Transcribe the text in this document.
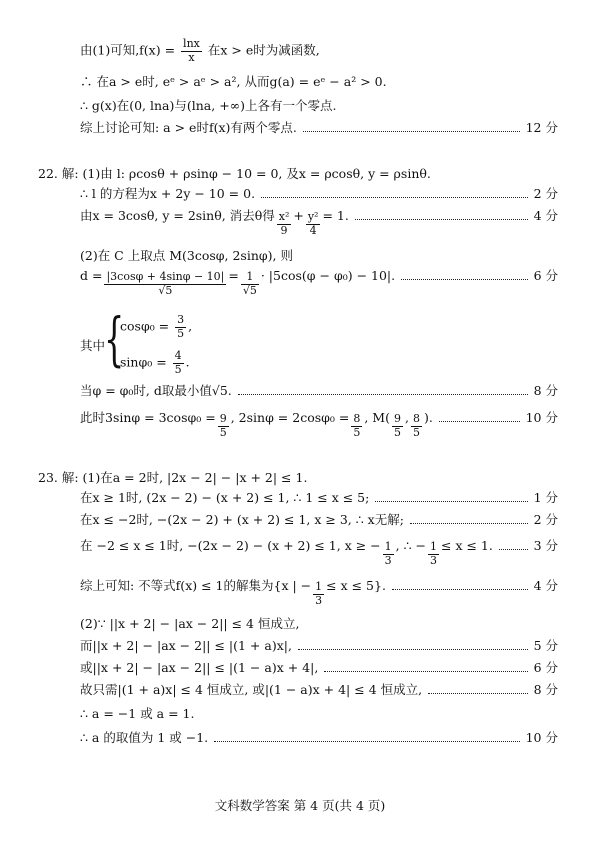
由(1)可知$,f(x) = \frac{\ln x}{x}$ 在x > e时为减函数,
∴ 在a > e时, eᵉ > aᵉ > a², 从而g(a) = eᵉ − a² > 0.
∴ g(x)在(0, lna)与(lna, +∞)上各有一个零点.
综上讨论可知: a > e时f(x)有两个零点.	12 分
22. 解: (1)由 l: ρcosθ + ρsinφ − 10 = 0, 及x = ρcosθ, y = ρsinθ.
∴ l 的方程为x + 2y − 10 = 0.	2 分
由x = 3cosθ, y = 2sinθ, 消去θ得 $\frac{\text{x²}}{9} + \frac{\text{y²}}{4} = 1$.	4 分
(2)在 C 上取点 M(3cosφ, 2sinφ), 则
$d = \frac{|3\cos\varphi + 4\sin\varphi - 10|}{√5} = \frac{1}{√5} \cdot |5\cos(\varphi - \varphi_0) - 10|$.	6 分
其中
{
$\cos\varphi_0 = \frac{3}{5}$ ,
$\sin\varphi_0 = \frac{4}{5}$ .
当φ = φ₀时, d取最小值√5.	8 分
此时$3\sin\varphi = 3\cos\varphi_0 = \frac{9}{5}$ , $2\sin\varphi = 2\cos\varphi_0 = \frac{8}{5}$ , $M( \frac{9}{5}$ , $\frac{8}{5}$ ).	10 分
23. 解: (1)在a = 2时, |2x − 2| − |x + 2| ≤ 1.
在x ≥ 1时, (2x − 2) − (x + 2) ≤ 1, ∴ 1 ≤ x ≤ 5;	1 分
在x ≤ −2时, −(2x − 2) + (x + 2) ≤ 1, x ≥ 3, ∴ x无解;	2 分
在 −2 ≤ x ≤ 1时, −(2x − 2) − (x + 2) ≤ 1, x ≥ − $\frac{1}{3}$ , ∴ − $\frac{1}{3} \le x \le 1$.	3 分
综上可知: 不等式f(x) ≤ 1的解集为{x | − $\frac{1}{3} \le x \le 5$}.	4 分
(2)∵ ||x + 2| − |ax − 2|| ≤ 4 恒成立,
而||x + 2| − |ax − 2|| ≤ |(1 + a)x|,	5 分
或||x + 2| − |ax − 2|| ≤ |(1 − a)x + 4|,	6 分
故只需|(1 + a)x| ≤ 4 恒成立, 或|(1 − a)x + 4| ≤ 4 恒成立,	8 分
∴ a = −1 或 a = 1.
∴ a 的取值为 1 或 −1.	10 分
文科数学答案 第 4 页(共 4 页)
